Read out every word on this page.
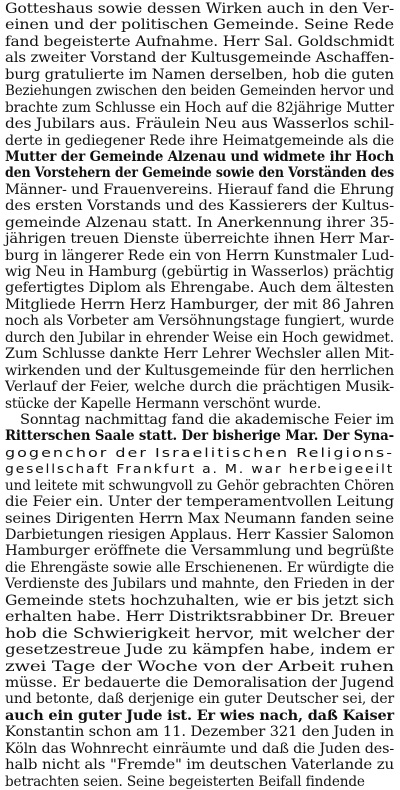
Gotteshaus sowie dessen Wirken auch in den Ver-
einen und der politischen Gemeinde. Seine Rede
fand begeisterte Aufnahme. Herr Sal. Goldschmidt
als zweiter Vorstand der Kultusgemeinde Aschaffen-
burg gratulierte im Namen derselben, hob die guten
Beziehungen zwischen den beiden Gemeinden hervor und
brachte zum Schlusse ein Hoch auf die 82jährige Mutter
des Jubilars aus. Fräulein Neu aus Wasserlos schil-
derte in gediegener Rede ihre Heimatgemeinde als die
Mutter der Gemeinde Alzenau und widmete ihr Hoch
den Vorstehern der Gemeinde sowie den Vorständen des
Männer- und Frauenvereins. Hierauf fand die Ehrung
des ersten Vorstands und des Kassierers der Kultus-
gemeinde Alzenau statt. In Anerkennung ihrer 35-
jährigen treuen Dienste überreichte ihnen Herr Mar-
burg in längerer Rede ein von Herrn Kunstmaler Lud-
wig Neu in Hamburg (gebürtig in Wasserlos) prächtig
gefertigtes Diplom als Ehrengabe. Auch dem ältesten
Mitgliede Herrn Herz Hamburger, der mit 86 Jahren
noch als Vorbeter am Versöhnungstage fungiert, wurde
durch den Jubilar in ehrender Weise ein Hoch gewidmet.
Zum Schlusse dankte Herr Lehrer Wechsler allen Mit-
wirkenden und der Kultusgemeinde für den herrlichen
Verlauf der Feier, welche durch die prächtigen Musik-
stücke der Kapelle Hermann verschönt wurde.
Sonntag nachmittag fand die akademische Feier im
Ritterschen Saale statt. Der bisherige Mar. Der Syna-
gogenchor der Israelitischen Religions-
gesellschaft Frankfurt a. M. war herbeigeeilt
und leitete mit schwungvoll zu Gehör gebrachten Chören
die Feier ein. Unter der temperamentvollen Leitung
seines Dirigenten Herrn Max Neumann fanden seine
Darbietungen riesigen Applaus. Herr Kassier Salomon
Hamburger eröffnete die Versammlung und begrüßte
die Ehrengäste sowie alle Erschienenen. Er würdigte die
Verdienste des Jubilars und mahnte, den Frieden in der
Gemeinde stets hochzuhalten, wie er bis jetzt sich
erhalten habe. Herr Distriktsrabbiner Dr. Breuer
hob die Schwierigkeit hervor, mit welcher der
gesetzestreue Jude zu kämpfen habe, indem er
zwei Tage der Woche von der Arbeit ruhen
müsse. Er bedauerte die Demoralisation der Jugend
und betonte, daß derjenige ein guter Deutscher sei, der
auch ein guter Jude ist. Er wies nach, daß Kaiser
Konstantin schon am 11. Dezember 321 den Juden in
Köln das Wohnrecht einräumte und daß die Juden des-
halb nicht als "Fremde" im deutschen Vaterlande zu
betrachten seien. Seine begeisterten Beifall findende
